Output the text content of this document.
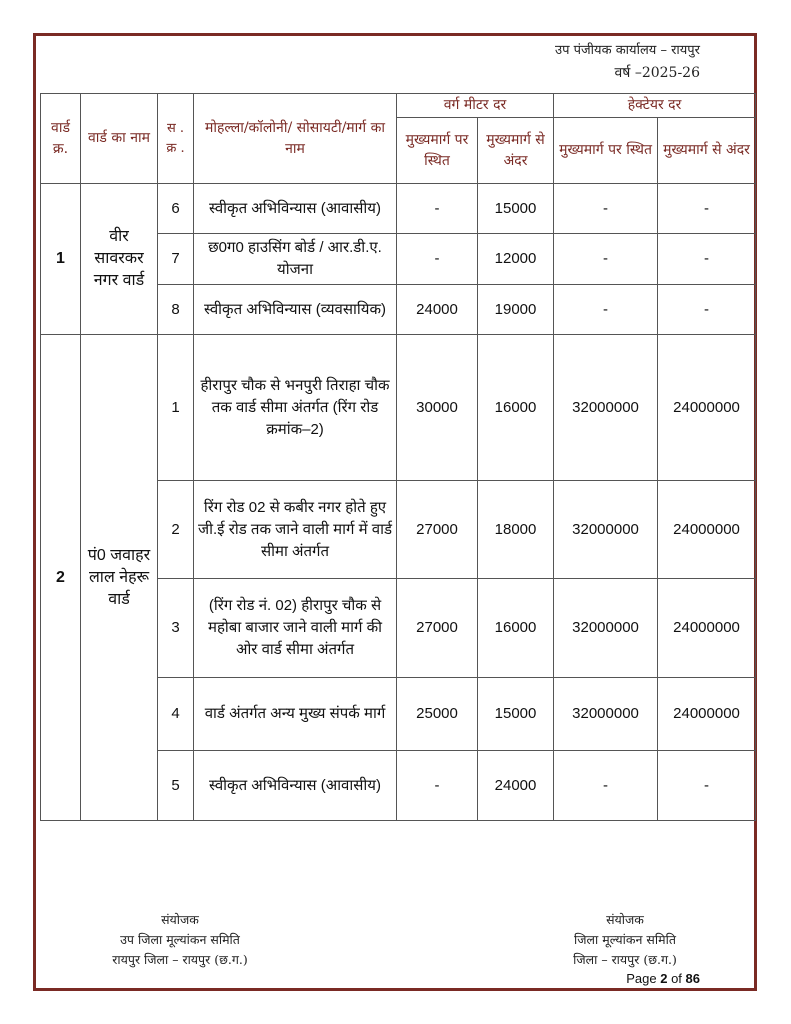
उप पंजीयक कार्यालय – रायपुर
वर्ष –2025-26
वार्ड क्र.	वार्ड का नाम	स . क्र .	मोहल्ला/कॉलोनी/ सोसायटी/मार्ग का नाम	वर्ग मीटर दर		हेक्टेयर दर	
				मुख्यमार्ग पर स्थित	मुख्यमार्ग से अंदर	मुख्यमार्ग पर स्थित	मुख्यमार्ग से अंदर
1	वीर सावरकर नगर वार्ड	6	स्वीकृत अभिविन्यास (आवासीय)	-	15000	-	-
		7	छ0ग0 हाउसिंग बोर्ड / आर.डी.ए. योजना	-	12000	-	-
		8	स्वीकृत अभिविन्यास (व्यवसायिक)	24000	19000	-	-
2	पं0 जवाहर लाल नेहरू वार्ड	1	हीरापुर चौक से भनपुरी तिराहा चौक तक वार्ड सीमा अंतर्गत (रिंग रोड क्रमांक–2)	30000	16000	32000000	24000000
		2	रिंग रोड 02 से कबीर नगर होते हुए जी.ई रोड तक जाने वाली मार्ग में वार्ड सीमा अंतर्गत	27000	18000	32000000	24000000
		3	(रिंग रोड नं. 02) हीरापुर चौक से महोबा बाजार जाने वाली मार्ग की ओर वार्ड सीमा अंतर्गत	27000	16000	32000000	24000000
		4	वार्ड अंतर्गत अन्य मुख्य संपर्क मार्ग	25000	15000	32000000	24000000
		5	स्वीकृत अभिविन्यास (आवासीय)	-	24000	-	-
संयोजक
उप जिला मूल्यांकन समिति
रायपुर जिला – रायपुर (छ.ग.)
संयोजक
जिला मूल्यांकन समिति
जिला – रायपुर (छ.ग.)
Page 2 of 86
